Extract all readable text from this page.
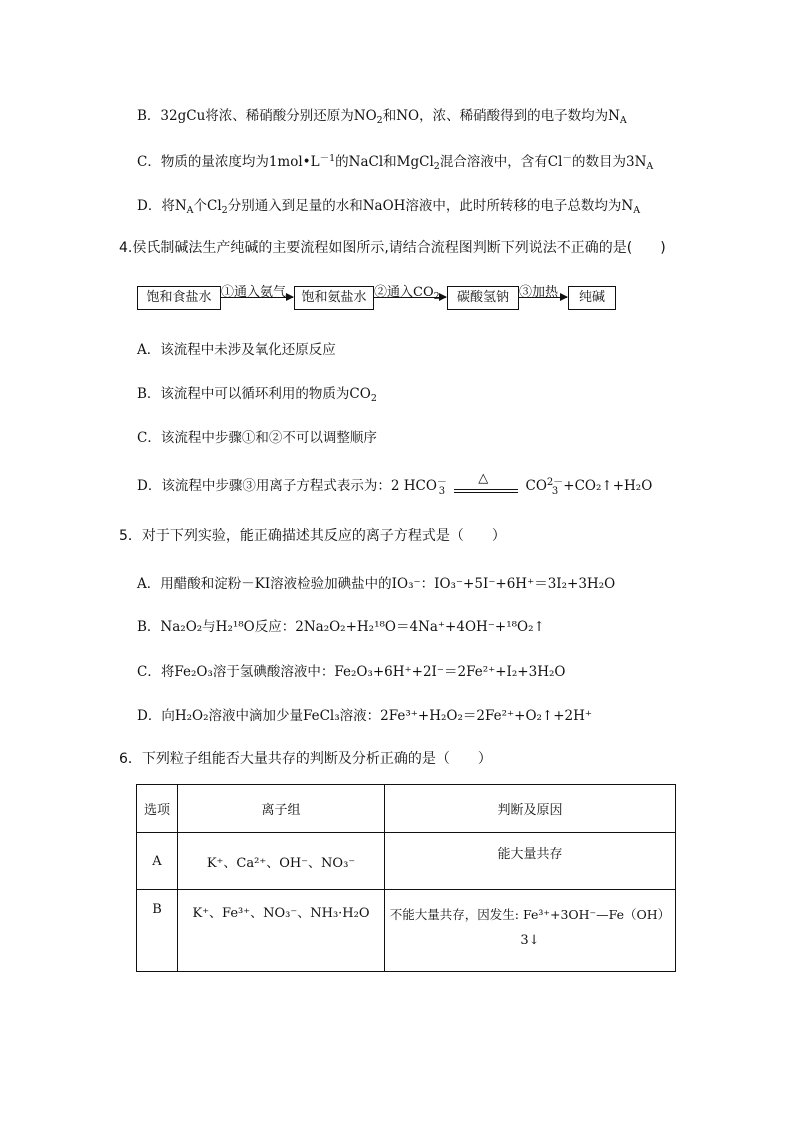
B．32gCu将浓、稀硝酸分别还原为$NO_2$和NO，浓、稀硝酸得到的电子数均为$N_A$
C．物质的量浓度均为$1mol•L^{-1}$的NaCl和MgCl$_2$混合溶液中，含有Cl－的数目为$3N_A$
D．将$N_A$个$Cl_2$分别通入到足量的水和NaOH溶液中，此时所转移的电子总数均为$N_A$
4.侯氏制碱法生产纯碱的主要流程如图所示,请结合流程图判断下列说法不正确的是(　　)
饱和食盐水 ①通入氨气	饱和氨盐水 ②通入$CO_2$	碳酸氢钠 ③加热	纯碱
A．该流程中未涉及氧化还原反应
B．该流程中可以循环利用的物质为$CO_2$
C．该流程中步骤①和②不可以调整顺序
D．该流程中步骤③用离子方程式表示为：2 HCO－
3
△	CO2－
3 +CO₂↑+H₂O
5．对于下列实验，能正确描述其反应的离子方程式是（　　）
A．用醋酸和淀粉－KI溶液检验加碘盐中的IO₃⁻：IO₃⁻+5I⁻+6H⁺＝3I₂+3H₂O
B．Na₂O₂与H₂¹⁸O反应：2Na₂O₂+H₂¹⁸O＝4Na⁺+4OH⁻+¹⁸O₂↑
C．将Fe₂O₃溶于氢碘酸溶液中：Fe₂O₃+6H⁺+2I⁻＝2Fe²⁺+I₂+3H₂O
D．向H₂O₂溶液中滴加少量FeCl₃溶液：2Fe³⁺+H₂O₂＝2Fe²⁺+O₂↑+2H⁺
6．下列粒子组能否大量共存的判断及分析正确的是（　　）
选项	离子组	判断及原因
A	K⁺、Ca²⁺、OH⁻、NO₃⁻	能大量共存
B	K⁺、Fe³⁺、NO₃⁻、NH₃·H₂O	不能大量共存，因发生: Fe³⁺+3OH⁻—Fe（OH）
3↓
